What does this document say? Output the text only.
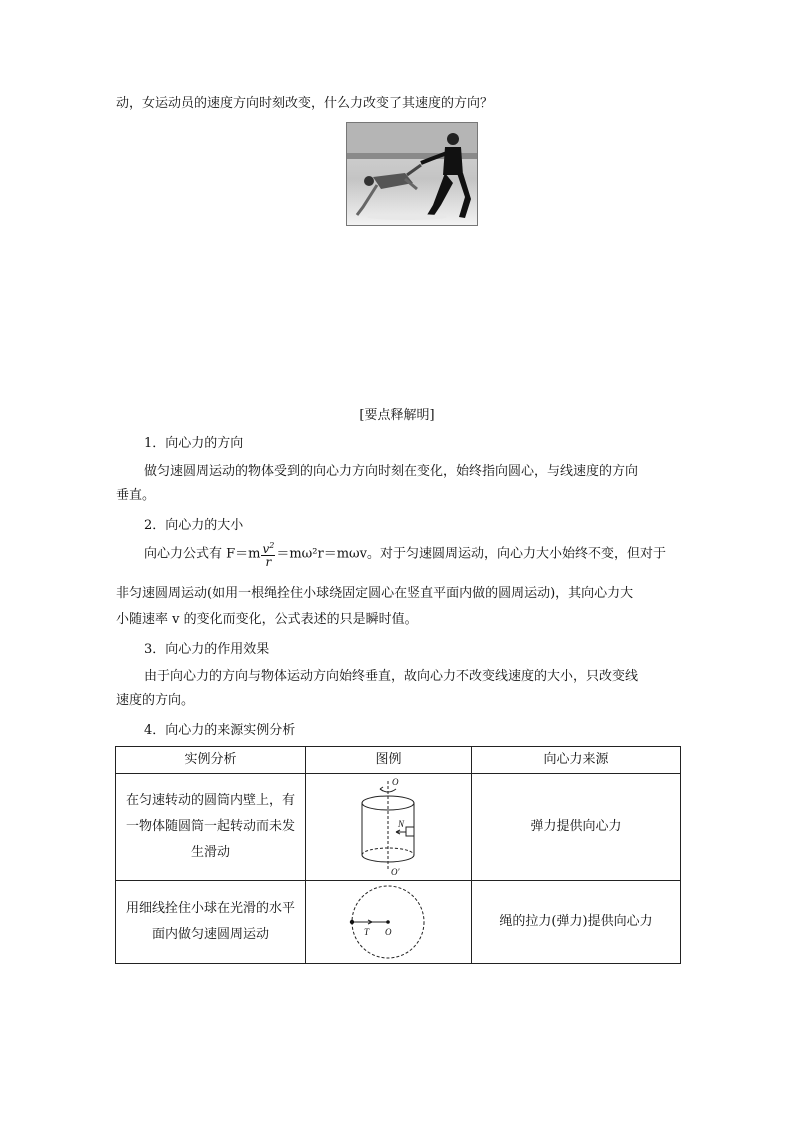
动，女运动员的速度方向时刻改变，什么力改变了其速度的方向？
[要点释解明]
1．向心力的方向
做匀速圆周运动的物体受到的向心力方向时刻在变化，始终指向圆心，与线速度的方向
垂直。
2．向心力的大小
向心力公式有 $F=m \frac{v^2}{r} =m\omega^2r=m\omega v$。对于匀速圆周运动，向心力大小始终不变，但对于
非匀速圆周运动(如用一根绳拴住小球绕固定圆心在竖直平面内做的圆周运动)，其向心力大
小随速率 v 的变化而变化，公式表述的只是瞬时值。
3．向心力的作用效果
由于向心力的方向与物体运动方向始终垂直，故向心力不改变线速度的大小，只改变线
速度的方向。
4．向心力的来源实例分析
实例分析	图例	向心力来源

在匀速转动的圆筒内壁上，有一物体随圆筒一起转动而未发生滑动	N
O
O′	弹力提供向心力

用细线拴住小球在光滑的水平面内做匀速圆周运动	T O	绳的拉力(弹力)提供向心力
